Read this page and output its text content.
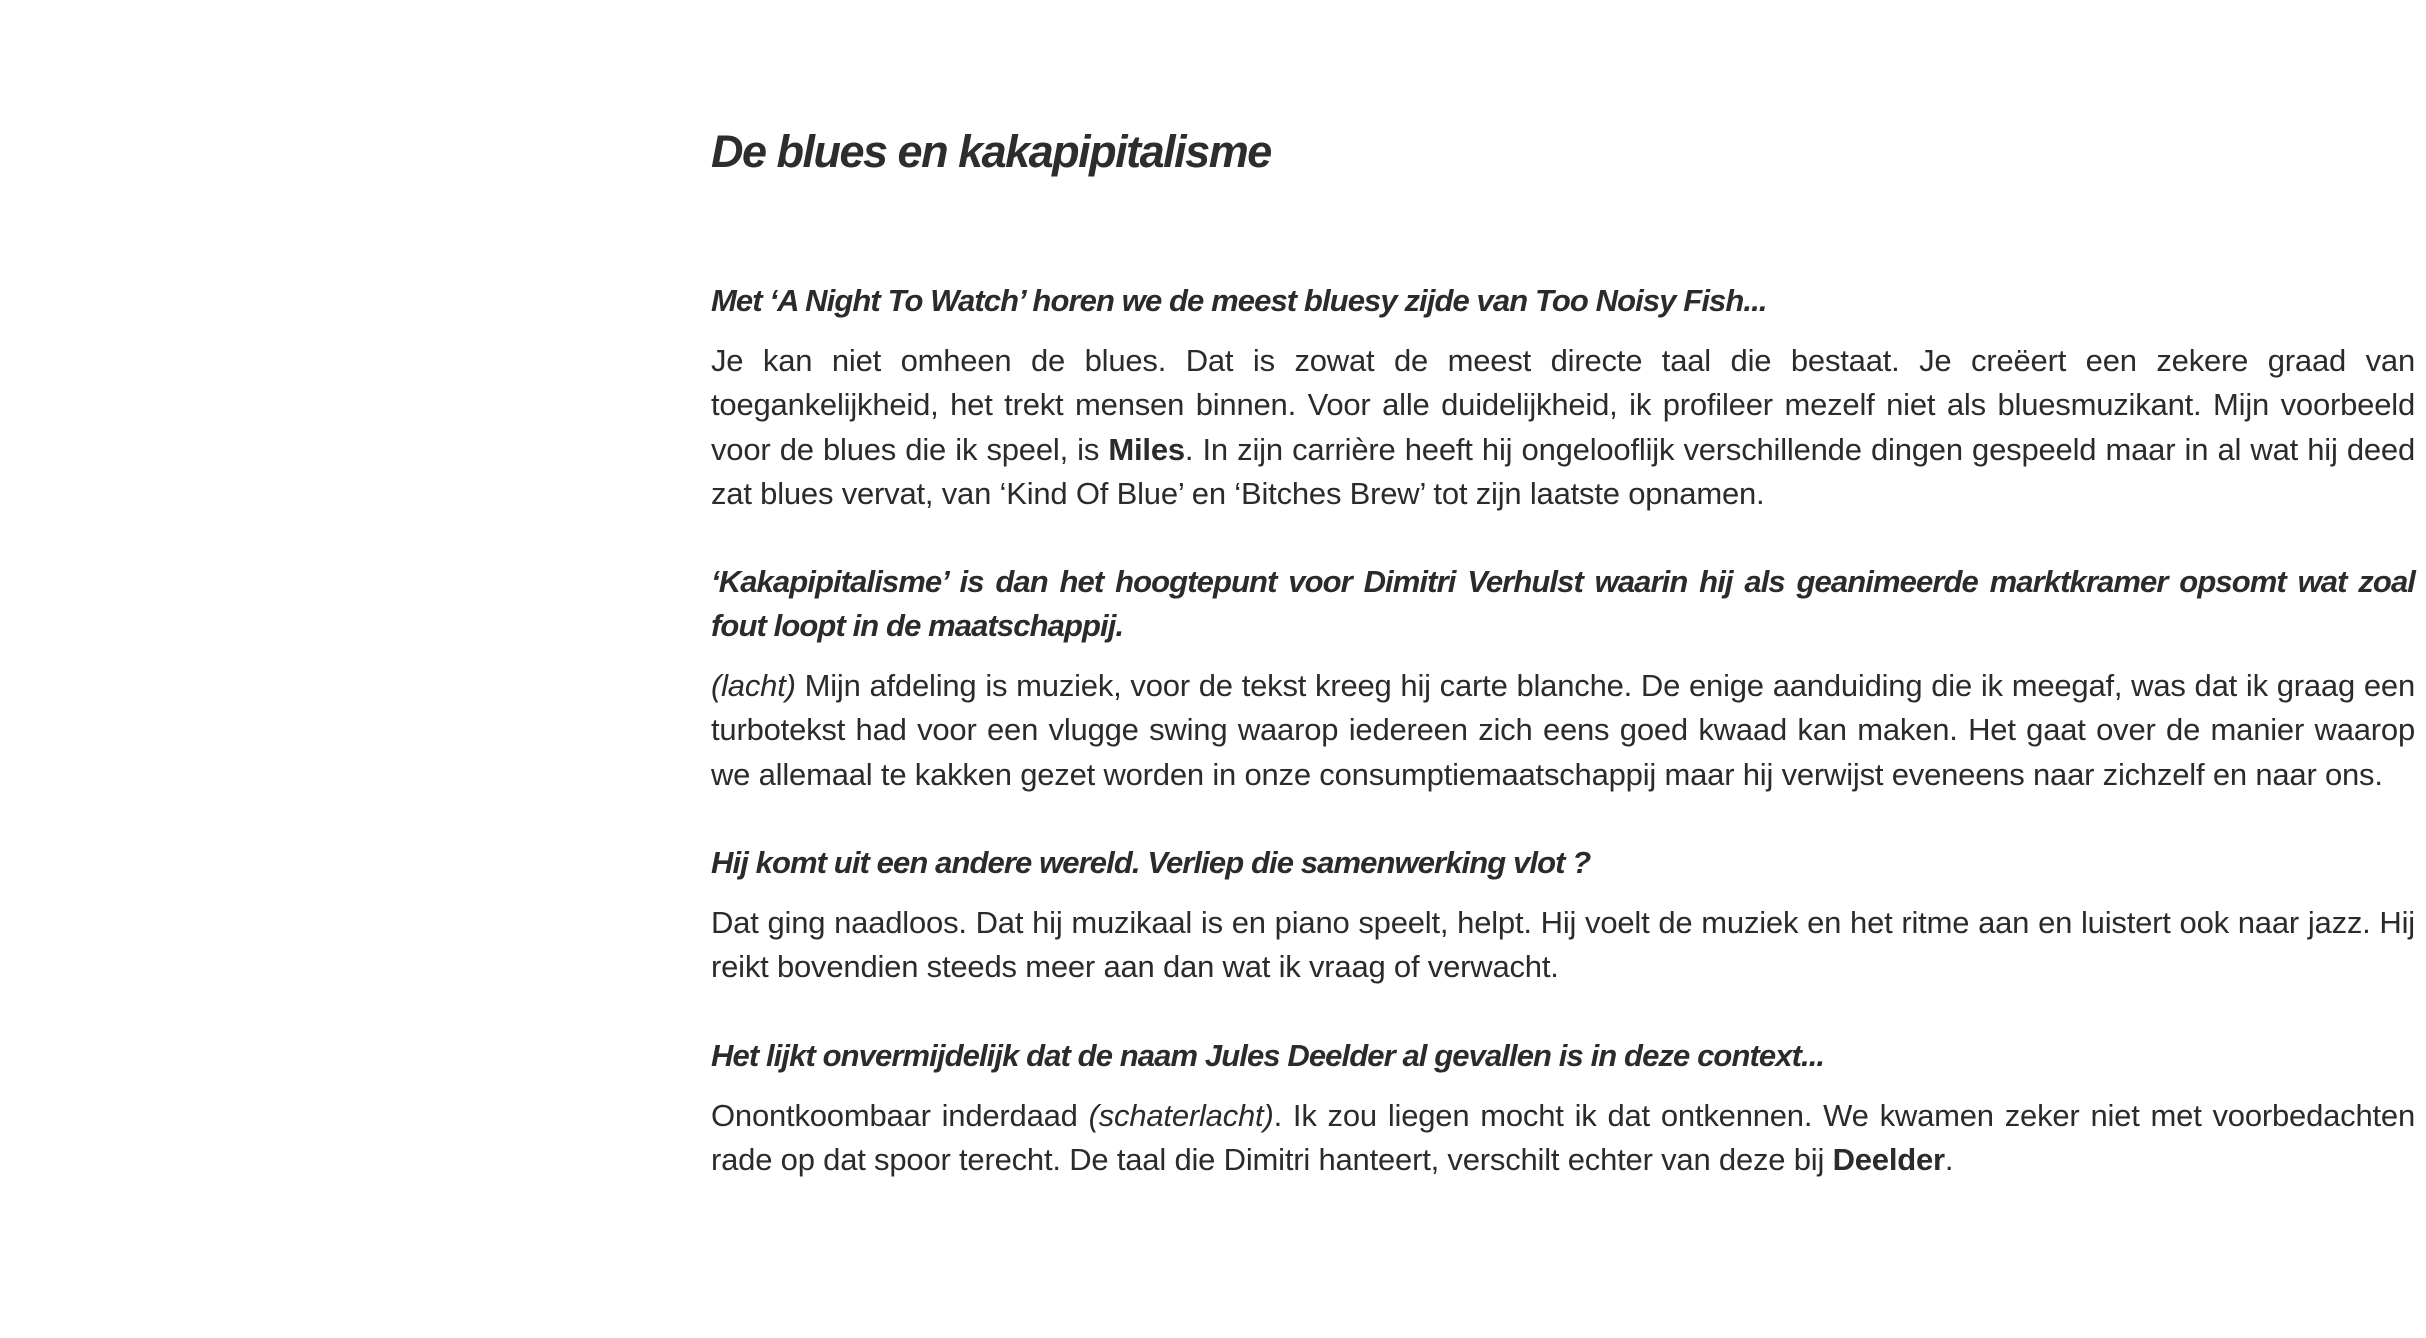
De blues en kakapipitalisme

Met ‘A Night To Watch’ horen we de meest bluesy zijde van Too Noisy Fish...

Je kan niet omheen de blues. Dat is zowat de meest directe taal die bestaat. Je creëert een zekere graad van toegankelijkheid, het trekt mensen binnen. Voor alle duidelijkheid, ik profileer mezelf niet als bluesmuzikant. Mijn voorbeeld voor de blues die ik speel, is Miles. In zijn carrière heeft hij ongelooflijk verschillende dingen gespeeld maar in al wat hij deed zat blues vervat, van ‘Kind Of Blue’ en ‘Bitches Brew’ tot zijn laatste opnamen.

‘Kakapipitalisme’ is dan het hoogtepunt voor Dimitri Verhulst waarin hij als geanimeerde marktkramer opsomt wat zoal fout loopt in de maatschappij.

(lacht) Mijn afdeling is muziek, voor de tekst kreeg hij carte blanche. De enige aanduiding die ik meegaf, was dat ik graag een turbotekst had voor een vlugge swing waarop iedereen zich eens goed kwaad kan maken. Het gaat over de manier waarop we allemaal te kakken gezet worden in onze consumptiemaatschappij maar hij verwijst eveneens naar zichzelf en naar ons.

Hij komt uit een andere wereld. Verliep die samenwerking vlot ?

Dat ging naadloos. Dat hij muzikaal is en piano speelt, helpt. Hij voelt de muziek en het ritme aan en luistert ook naar jazz. Hij reikt bovendien steeds meer aan dan wat ik vraag of verwacht.

Het lijkt onvermijdelijk dat de naam Jules Deelder al gevallen is in deze context...

Onontkoombaar inderdaad (schaterlacht). Ik zou liegen mocht ik dat ontkennen. We kwamen zeker niet met voorbedachten rade op dat spoor terecht. De taal die Dimitri hanteert, verschilt echter van deze bij Deelder.
